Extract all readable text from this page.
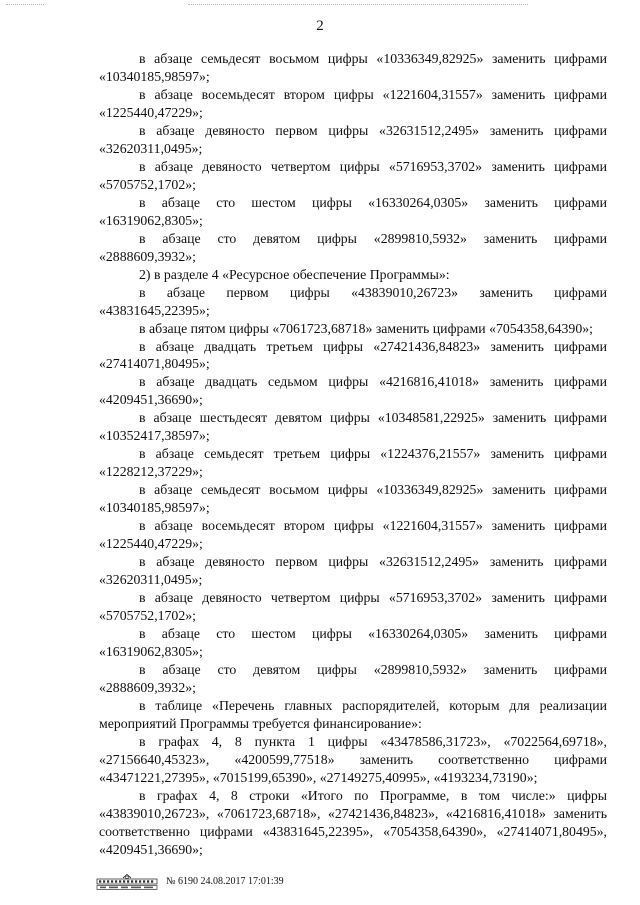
2

в абзаце семьдесят восьмом цифры «10336349,82925» заменить цифрами «10340185,98597»;

в абзаце восемьдесят втором цифры «1221604,31557» заменить цифрами «1225440,47229»;

в абзаце девяносто первом цифры «32631512,2495» заменить цифрами «32620311,0495»;

в абзаце девяносто четвертом цифры «5716953,3702» заменить цифрами «5705752,1702»;

в абзаце сто шестом цифры «16330264,0305» заменить цифрами «16319062,8305»;

в абзаце сто девятом цифры «2899810,5932» заменить цифрами «2888609,3932»;

2) в разделе 4 «Ресурсное обеспечение Программы»:

в абзаце первом цифры «43839010,26723» заменить цифрами «43831645,22395»;

в абзаце пятом цифры «7061723,68718» заменить цифрами «7054358,64390»;

в абзаце двадцать третьем цифры «27421436,84823» заменить цифрами «27414071,80495»;

в абзаце двадцать седьмом цифры «4216816,41018» заменить цифрами «4209451,36690»;

в абзаце шестьдесят девятом цифры «10348581,22925» заменить цифрами «10352417,38597»;

в абзаце семьдесят третьем цифры «1224376,21557» заменить цифрами «1228212,37229»;

в абзаце семьдесят восьмом цифры «10336349,82925» заменить цифрами «10340185,98597»;

в абзаце восемьдесят втором цифры «1221604,31557» заменить цифрами «1225440,47229»;

в абзаце девяносто первом цифры «32631512,2495» заменить цифрами «32620311,0495»;

в абзаце девяносто четвертом цифры «5716953,3702» заменить цифрами «5705752,1702»;

в абзаце сто шестом цифры «16330264,0305» заменить цифрами «16319062,8305»;

в абзаце сто девятом цифры «2899810,5932» заменить цифрами «2888609,3932»;

в таблице «Перечень главных распорядителей, которым для реализации мероприятий Программы требуется финансирование»:

в графах 4, 8 пункта 1 цифры «43478586,31723», «7022564,69718», «27156640,45323», «4200599,77518» заменить соответственно цифрами «43471221,27395», «7015199,65390», «27149275,40995», «4193234,73190»;

в графах 4, 8 строки «Итого по Программе, в том числе:» цифры «43839010,26723», «7061723,68718», «27421436,84823», «4216816,41018» заменить соответственно цифрами «43831645,22395», «7054358,64390», «27414071,80495», «4209451,36690»;

№ 6190 24.08.2017 17:01:39
